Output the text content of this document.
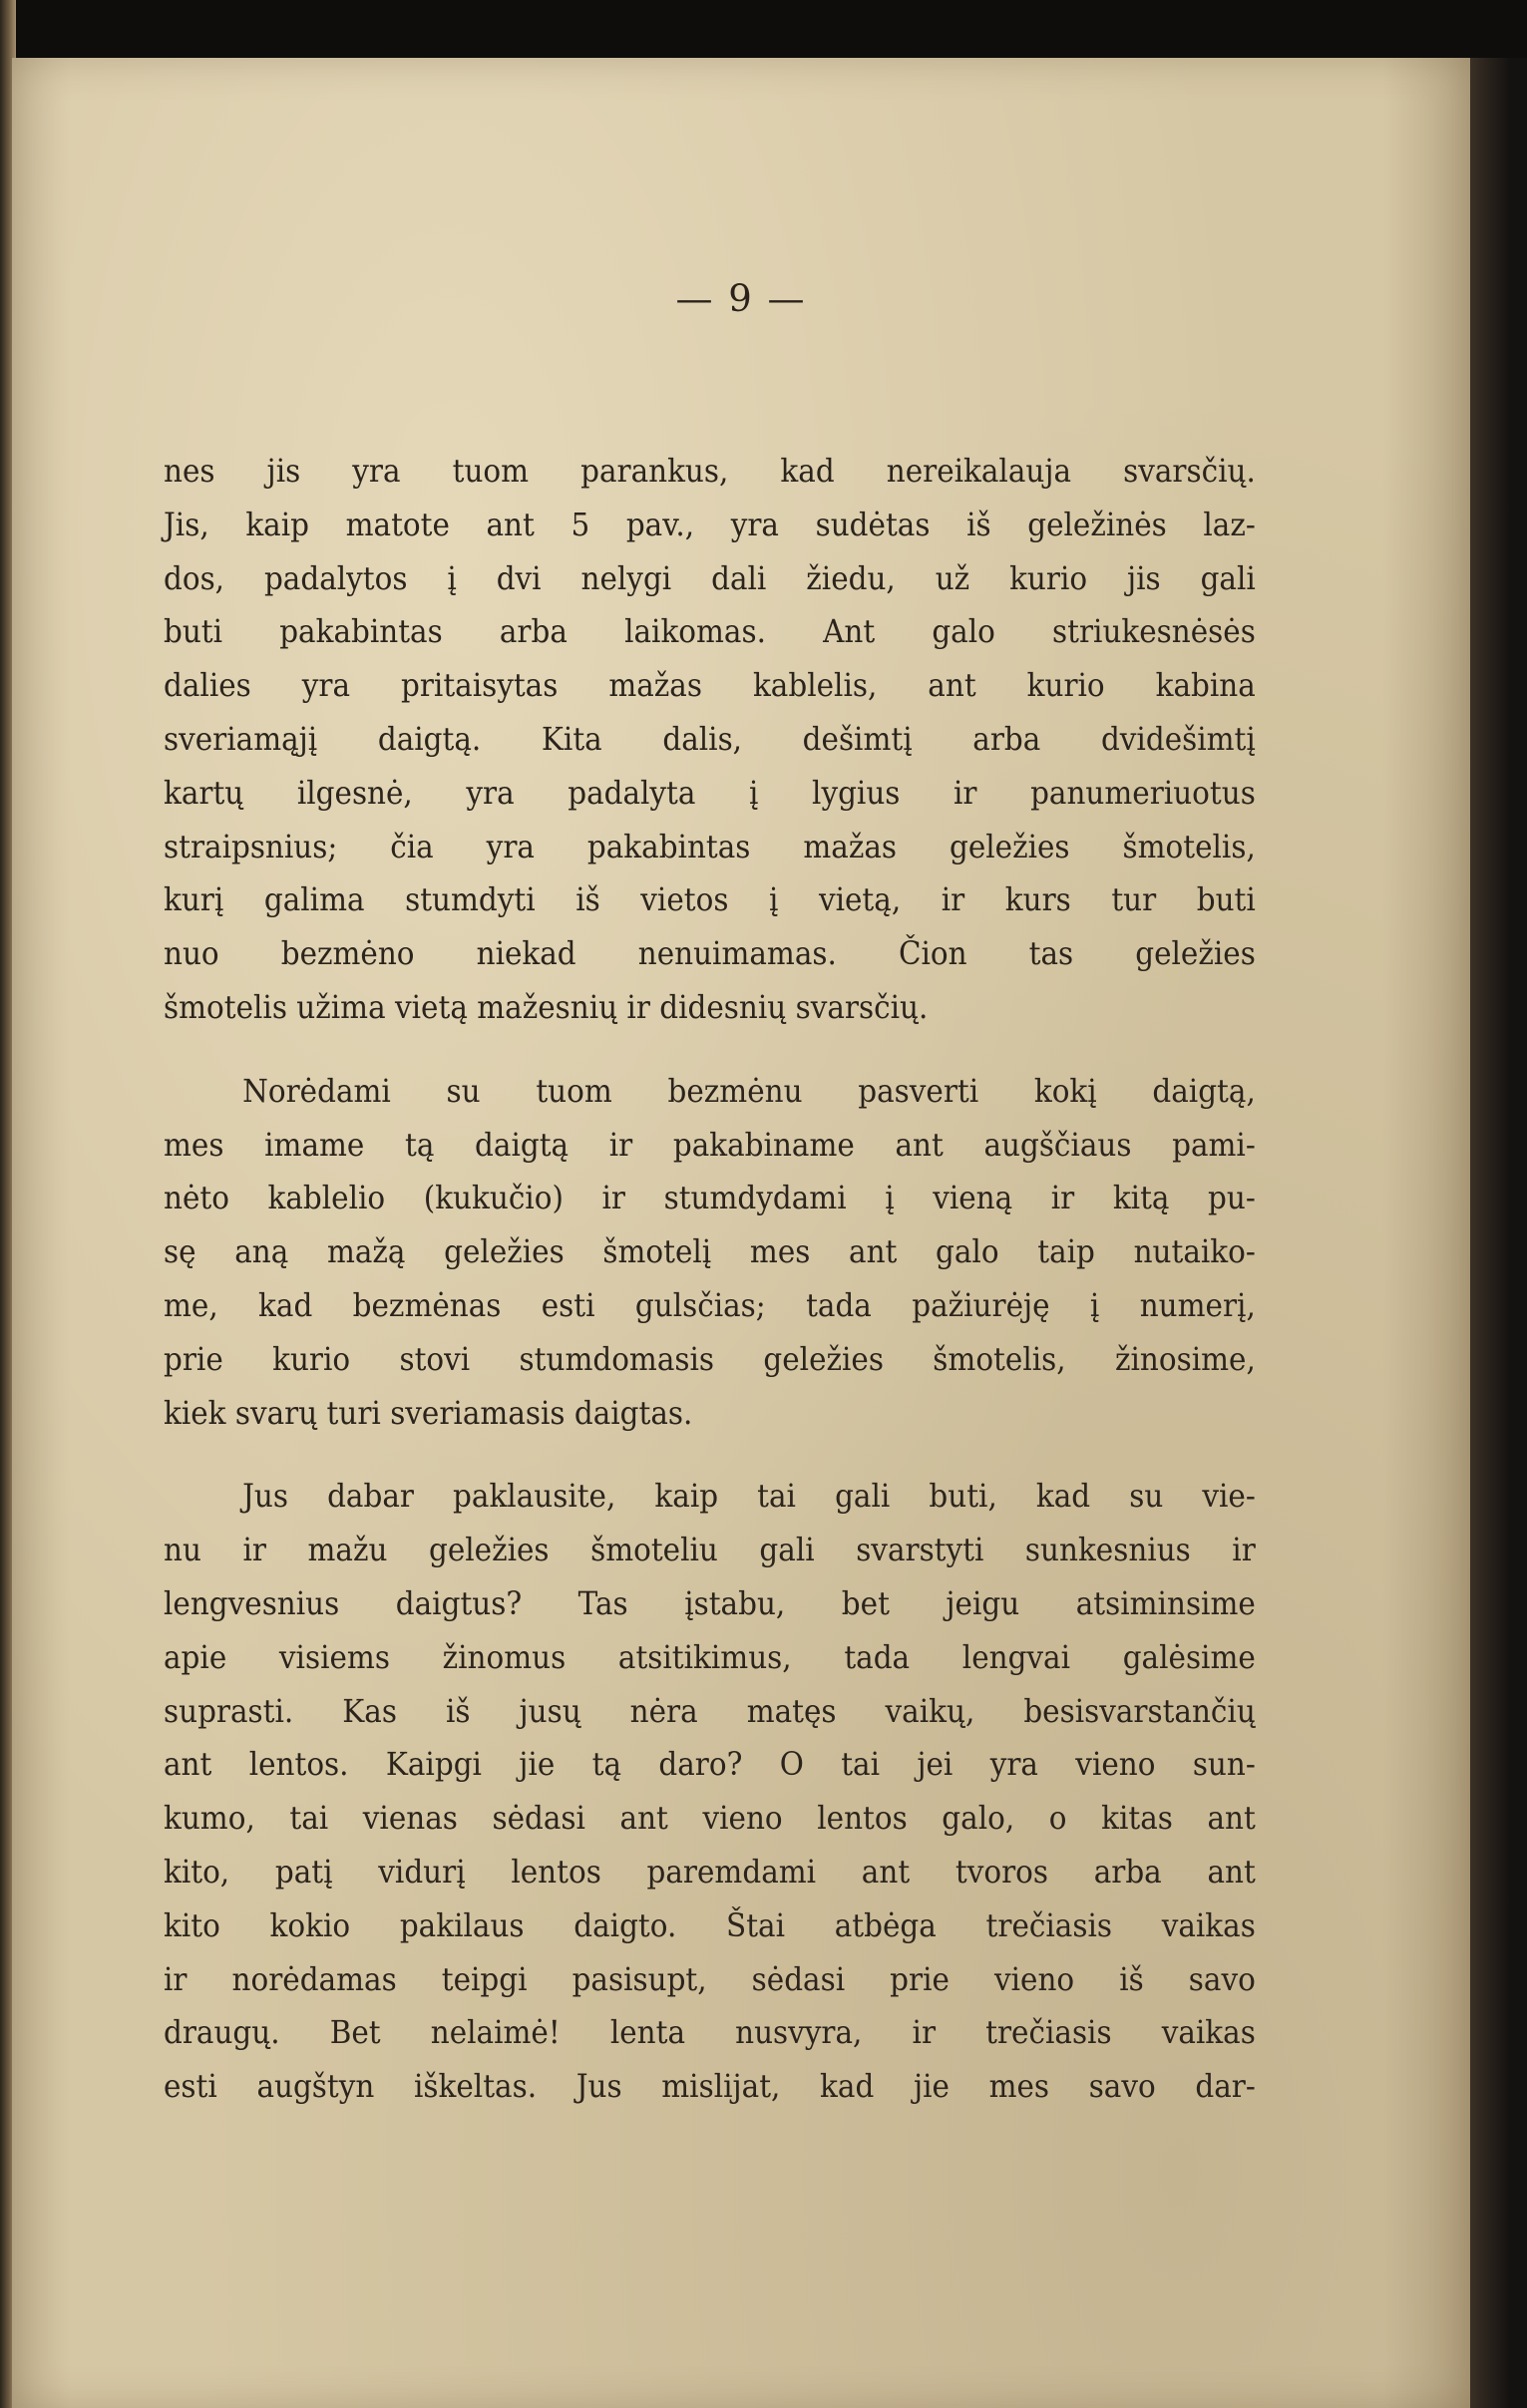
— 9 —

nes jis yra tuom parankus, kad nereikalauja svarsčių.
Jis, kaip matote ant 5 pav., yra sudėtas iš geležinės laz-
dos, padalytos į dvi nelygi dali žiedu, už kurio jis gali
buti pakabintas arba laikomas. Ant galo striukesnėsės
dalies yra pritaisytas mažas kablelis, ant kurio kabina
sveriamąjį daigtą. Kita dalis, dešimtį arba dvidešimtį
kartų ilgesnė, yra padalyta į lygius ir panumeriuotus
straipsnius; čia yra pakabintas mažas geležies šmotelis,
kurį galima stumdyti iš vietos į vietą, ir kurs tur buti
nuo bezmėno niekad nenuimamas. Čion tas geležies
šmotelis užima vietą mažesnių ir didesnių svarsčių.

Norėdami su tuom bezmėnu pasverti kokį daigtą,
mes imame tą daigtą ir pakabiname ant augščiaus pami-
nėto kablelio (kukučio) ir stumdydami į vieną ir kitą pu-
sę aną mažą geležies šmotelį mes ant galo taip nutaiko-
me, kad bezmėnas esti gulsčias; tada pažiurėję į numerį,
prie kurio stovi stumdomasis geležies šmotelis, žinosime,
kiek svarų turi sveriamasis daigtas.

Jus dabar paklausite, kaip tai gali buti, kad su vie-
nu ir mažu geležies šmoteliu gali svarstyti sunkesnius ir
lengvesnius daigtus? Tas įstabu, bet jeigu atsiminsime
apie visiems žinomus atsitikimus, tada lengvai galėsime
suprasti. Kas iš jusų nėra matęs vaikų, besisvarstančių
ant lentos. Kaipgi jie tą daro? O tai jei yra vieno sun-
kumo, tai vienas sėdasi ant vieno lentos galo, o kitas ant
kito, patį vidurį lentos paremdami ant tvoros arba ant
kito kokio pakilaus daigto. Štai atbėga trečiasis vaikas
ir norėdamas teipgi pasisupt, sėdasi prie vieno iš savo
draugų. Bet nelaimė! lenta nusvyra, ir trečiasis vaikas
esti augštyn iškeltas. Jus mislijat, kad jie mes savo dar-
